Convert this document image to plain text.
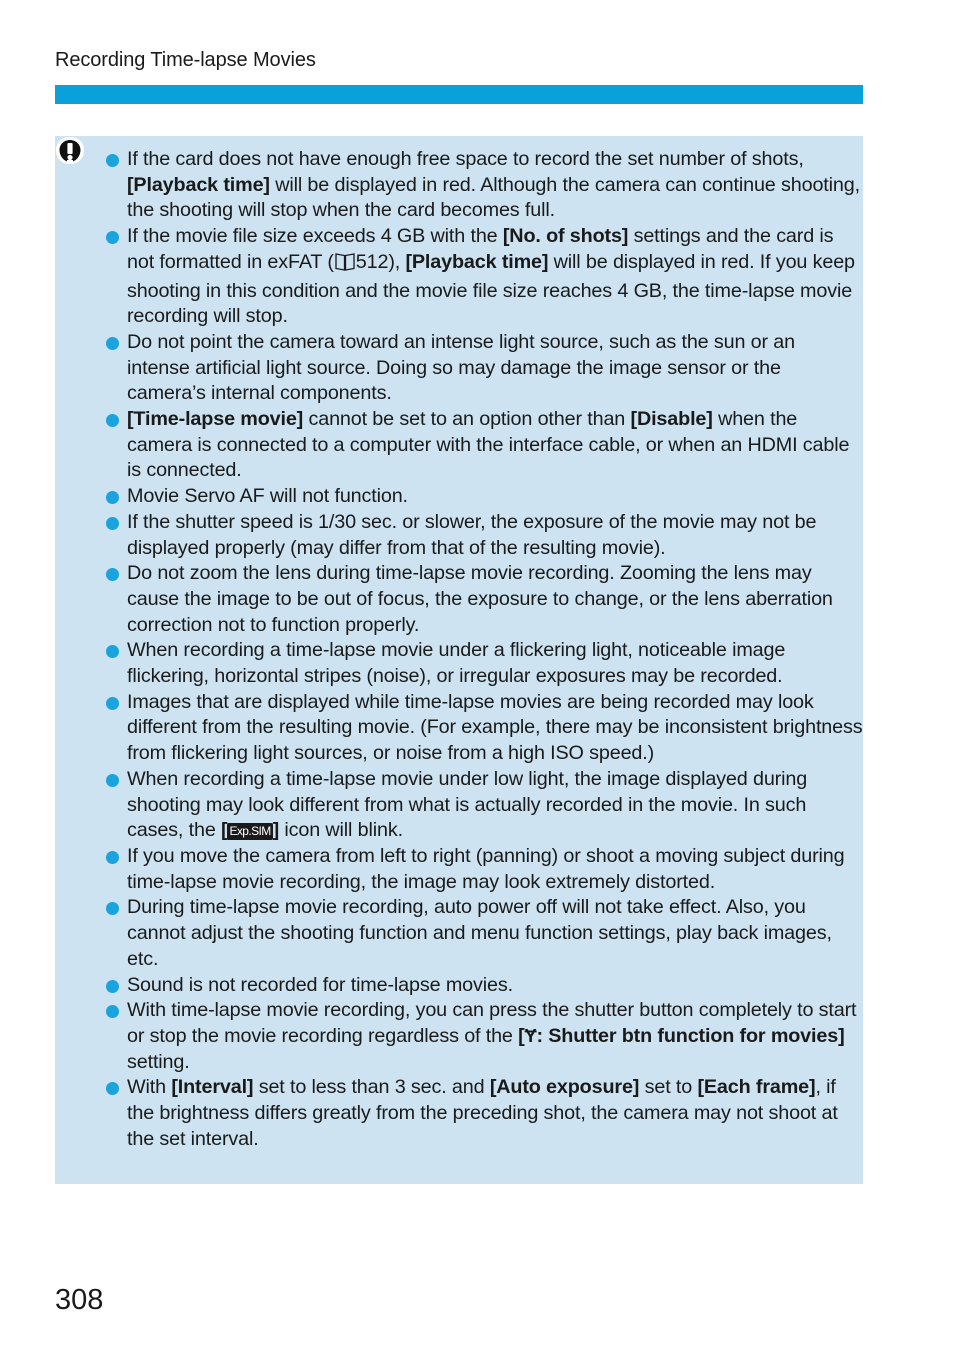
Recording Time-lapse Movies
If the card does not have enough free space to record the set number of shots, [Playback time] will be displayed in red. Although the camera can continue shooting, the shooting will stop when the card becomes full.
If the movie file size exceeds 4 GB with the [No. of shots] settings and the card is not formatted in exFAT ( 512), [Playback time] will be displayed in red. If you keep shooting in this condition and the movie file size reaches 4 GB, the time-lapse movie recording will stop.
Do not point the camera toward an intense light source, such as the sun or an intense artificial light source. Doing so may damage the image sensor or the camera’s internal components.
[Time-lapse movie] cannot be set to an option other than [Disable] when the camera is connected to a computer with the interface cable, or when an HDMI cable is connected.
Movie Servo AF will not function.
If the shutter speed is 1/30 sec. or slower, the exposure of the movie may not be displayed properly (may differ from that of the resulting movie).
Do not zoom the lens during time-lapse movie recording. Zooming the lens may cause the image to be out of focus, the exposure to change, or the lens aberration correction not to function properly.
When recording a time-lapse movie under a flickering light, noticeable image flickering, horizontal stripes (noise), or irregular exposures may be recorded.
Images that are displayed while time-lapse movies are being recorded may look different from the resulting movie. (For example, there may be inconsistent brightness from flickering light sources, or noise from a high ISO speed.)
When recording a time-lapse movie under low light, the image displayed during shooting may look different from what is actually recorded in the movie. In such cases, the [ Exp.SIM ] icon will blink.
If you move the camera from left to right (panning) or shoot a moving subject during time-lapse movie recording, the image may look extremely distorted.
During time-lapse movie recording, auto power off will not take effect. Also, you cannot adjust the shooting function and menu function settings, play back images, etc.
Sound is not recorded for time-lapse movies.
With time-lapse movie recording, you can press the shutter button completely to start or stop the movie recording regardless of the [Ɏ: Shutter btn function for movies] setting.
With [Interval] set to less than 3 sec. and [Auto exposure] set to [Each frame], if the brightness differs greatly from the preceding shot, the camera may not shoot at the set interval.
308
